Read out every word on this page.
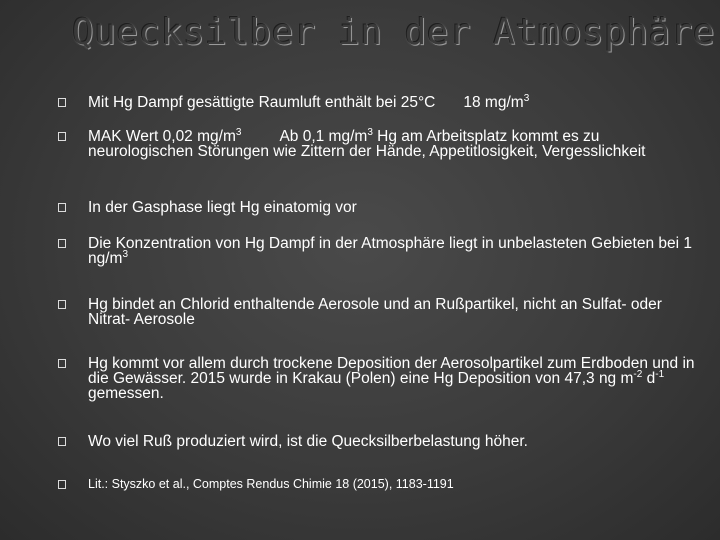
Quecksilber in der Atmosphäre
Mit Hg Dampf gesättigte Raumluft enthält bei 25°C 18 $mg/m^3$
MAK Wert 0,02 $mg/m^3$ Ab 0,1 $mg/m^3$ Hg am Arbeitsplatz kommt es zu neurologischen Störungen wie Zittern der Hände, Appetitlosigkeit, Vergesslichkeit
In der Gasphase liegt Hg einatomig vor
Die Konzentration von Hg Dampf in der Atmosphäre liegt in unbelasteten Gebieten bei 1 $ng/m^3$
Hg bindet an Chlorid enthaltende Aerosole und an Rußpartikel, nicht an Sulfat- oder Nitrat- Aerosole
Hg kommt vor allem durch trockene Deposition der Aerosolpartikel zum Erdboden und in die Gewässer. 2015 wurde in Krakau (Polen) eine Hg Deposition von 47,3 ng $m^{-2}$ $d^{-1}$ gemessen.
Wo viel Ruß produziert wird, ist die Quecksilberbelastung höher.
Lit.: Styszko et al., Comptes Rendus Chimie 18 (2015), 1183-1191
